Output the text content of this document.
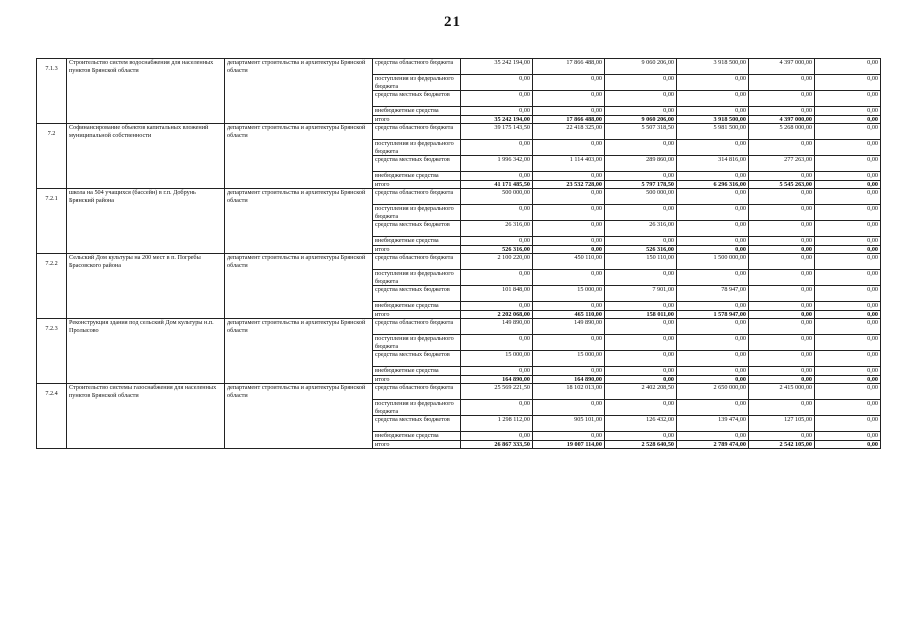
21
7.1.3	Строительство систем водоснабжения для населенных пунктов Брянской области	департамент строительства и архитектуры Брянской области	средства областного бюджета	35 242 194,00	17 866 488,00	9 060 206,00	3 918 500,00	4 397 000,00	0,00
			поступления из федерального бюджета	0,00	0,00	0,00	0,00	0,00	0,00
			средства местных бюджетов	0,00	0,00	0,00	0,00	0,00	0,00
			внебюджетные средства	0,00	0,00	0,00	0,00	0,00	0,00
			итого	35 242 194,00	17 866 488,00	9 060 206,00	3 918 500,00	4 397 000,00	0,00
7.2	Софинансирование объектов капитальных вложений муниципальной собственности	департамент строительства и архитектуры Брянской области	средства областного бюджета	39 175 143,50	22 418 325,00	5 507 318,50	5 981 500,00	5 268 000,00	0,00
			поступления из федерального бюджета	0,00	0,00	0,00	0,00	0,00	0,00
			средства местных бюджетов	1 996 342,00	1 114 403,00	289 860,00	314 816,00	277 263,00	0,00
			внебюджетные средства	0,00	0,00	0,00	0,00	0,00	0,00
			итого	41 171 485,50	23 532 728,00	5 797 178,50	6 296 316,00	5 545 263,00	0,00
7.2.1	школа на 504 учащихся (бассейн) в г.п. Добрунь Брянский района	департамент строительства и архитектуры Брянской области	средства областного бюджета	500 000,00	0,00	500 000,00	0,00	0,00	0,00
			поступления из федерального бюджета	0,00	0,00	0,00	0,00	0,00	0,00
			средства местных бюджетов	26 316,00	0,00	26 316,00	0,00	0,00	0,00
			внебюджетные средства	0,00	0,00	0,00	0,00	0,00	0,00
			итого	526 316,00	0,00	526 316,00	0,00	0,00	0,00
7.2.2	Сельский Дом культуры на 200 мест в п. Погребы Брасовского района	департамент строительства и архитектуры Брянской области	средства областного бюджета	2 100 220,00	450 110,00	150 110,00	1 500 000,00	0,00	0,00
			поступления из федерального бюджета	0,00	0,00	0,00	0,00	0,00	0,00
			средства местных бюджетов	101 848,00	15 000,00	7 901,00	78 947,00	0,00	0,00
			внебюджетные средства	0,00	0,00	0,00	0,00	0,00	0,00
			итого	2 202 068,00	465 110,00	158 011,00	1 578 947,00	0,00	0,00
7.2.3	Реконструкция здания под сельский Дом культуры н.п. Пролысово	департамент строительства и архитектуры Брянской области	средства областного бюджета	149 890,00	149 890,00	0,00	0,00	0,00	0,00
			поступления из федерального бюджета	0,00	0,00	0,00	0,00	0,00	0,00
			средства местных бюджетов	15 000,00	15 000,00	0,00	0,00	0,00	0,00
			внебюджетные средства	0,00	0,00	0,00	0,00	0,00	0,00
			итого	164 890,00	164 890,00	0,00	0,00	0,00	0,00
7.2.4	Строительство системы газоснабжения для населенных пунктов Брянской области	департамент строительства и архитектуры Брянской области	средства областного бюджета	25 569 221,50	18 102 013,00	2 402 208,50	2 650 000,00	2 415 000,00	0,00
			поступления из федерального бюджета	0,00	0,00	0,00	0,00	0,00	0,00
			средства местных бюджетов	1 298 112,00	905 101,00	126 432,00	139 474,00	127 105,00	0,00
			внебюджетные средства	0,00	0,00	0,00	0,00	0,00	0,00
			итого	26 867 333,50	19 007 114,00	2 528 640,50	2 789 474,00	2 542 105,00	0,00
